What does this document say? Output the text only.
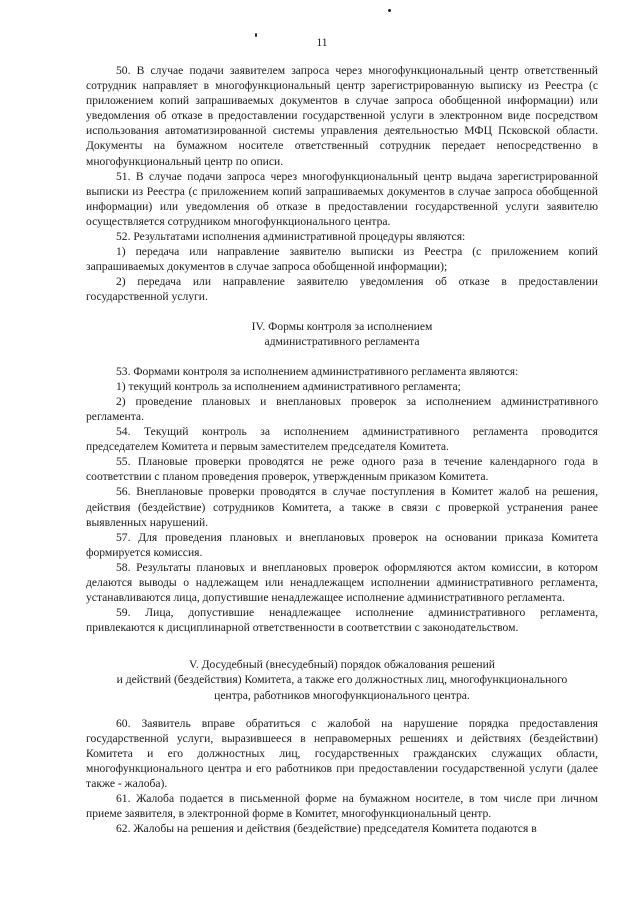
11

50. В случае подачи заявителем запроса через многофункциональный центр ответственный сотрудник направляет в многофункциональный центр зарегистрированную выписку из Реестра (с приложением копий запрашиваемых документов в случае запроса обобщенной информации) или уведомления об отказе в предоставлении государственной услуги в электронном виде посредством использования автоматизированной системы управления деятельностью МФЦ Псковской области. Документы на бумажном носителе ответственный сотрудник передает непосредственно в многофункциональный центр по описи.

51. В случае подачи запроса через многофункциональный центр выдача зарегистрированной выписки из Реестра (с приложением копий запрашиваемых документов в случае запроса обобщенной информации) или уведомления об отказе в предоставлении государственной услуги заявителю осуществляется сотрудником многофункционального центра.

52. Результатами исполнения административной процедуры являются:

1) передача или направление заявителю выписки из Реестра (с приложением копий запрашиваемых документов в случае запроса обобщенной информации);

2) передача или направление заявителю уведомления об отказе в предоставлении государственной услуги.

IV. Формы контроля за исполнением

административного регламента

53. Формами контроля за исполнением административного регламента являются:

1) текущий контроль за исполнением административного регламента;

2) проведение плановых и внеплановых проверок за исполнением административного регламента.

54. Текущий контроль за исполнением административного регламента проводится председателем Комитета и первым заместителем председателя Комитета.

55. Плановые проверки проводятся не реже одного раза в течение календарного года в соответствии с планом проведения проверок, утвержденным приказом Комитета.

56. Внеплановые проверки проводятся в случае поступления в Комитет жалоб на решения, действия (бездействие) сотрудников Комитета, а также в связи с проверкой устранения ранее выявленных нарушений.

57. Для проведения плановых и внеплановых проверок на основании приказа Комитета формируется комиссия.

58. Результаты плановых и внеплановых проверок оформляются актом комиссии, в котором делаются выводы о надлежащем или ненадлежащем исполнении административного регламента, устанавливаются лица, допустившие ненадлежащее исполнение административного регламента.

59. Лица, допустившие ненадлежащее исполнение административного регламента, привлекаются к дисциплинарной ответственности в соответствии с законодательством.

V. Досудебный (внесудебный) порядок обжалования решений

и действий (бездействия) Комитета, а также его должностных лиц, многофункционального

центра, работников многофункционального центра.

60. Заявитель вправе обратиться с жалобой на нарушение порядка предоставления государственной услуги, выразившееся в неправомерных решениях и действиях (бездействии) Комитета и его должностных лиц, государственных гражданских служащих области, многофункционального центра и его работников при предоставлении государственной услуги (далее также - жалоба).

61. Жалоба подается в письменной форме на бумажном носителе, в том числе при личном приеме заявителя, в электронной форме в Комитет, многофункциональный центр.

62. Жалобы на решения и действия (бездействие) председателя Комитета подаются в
